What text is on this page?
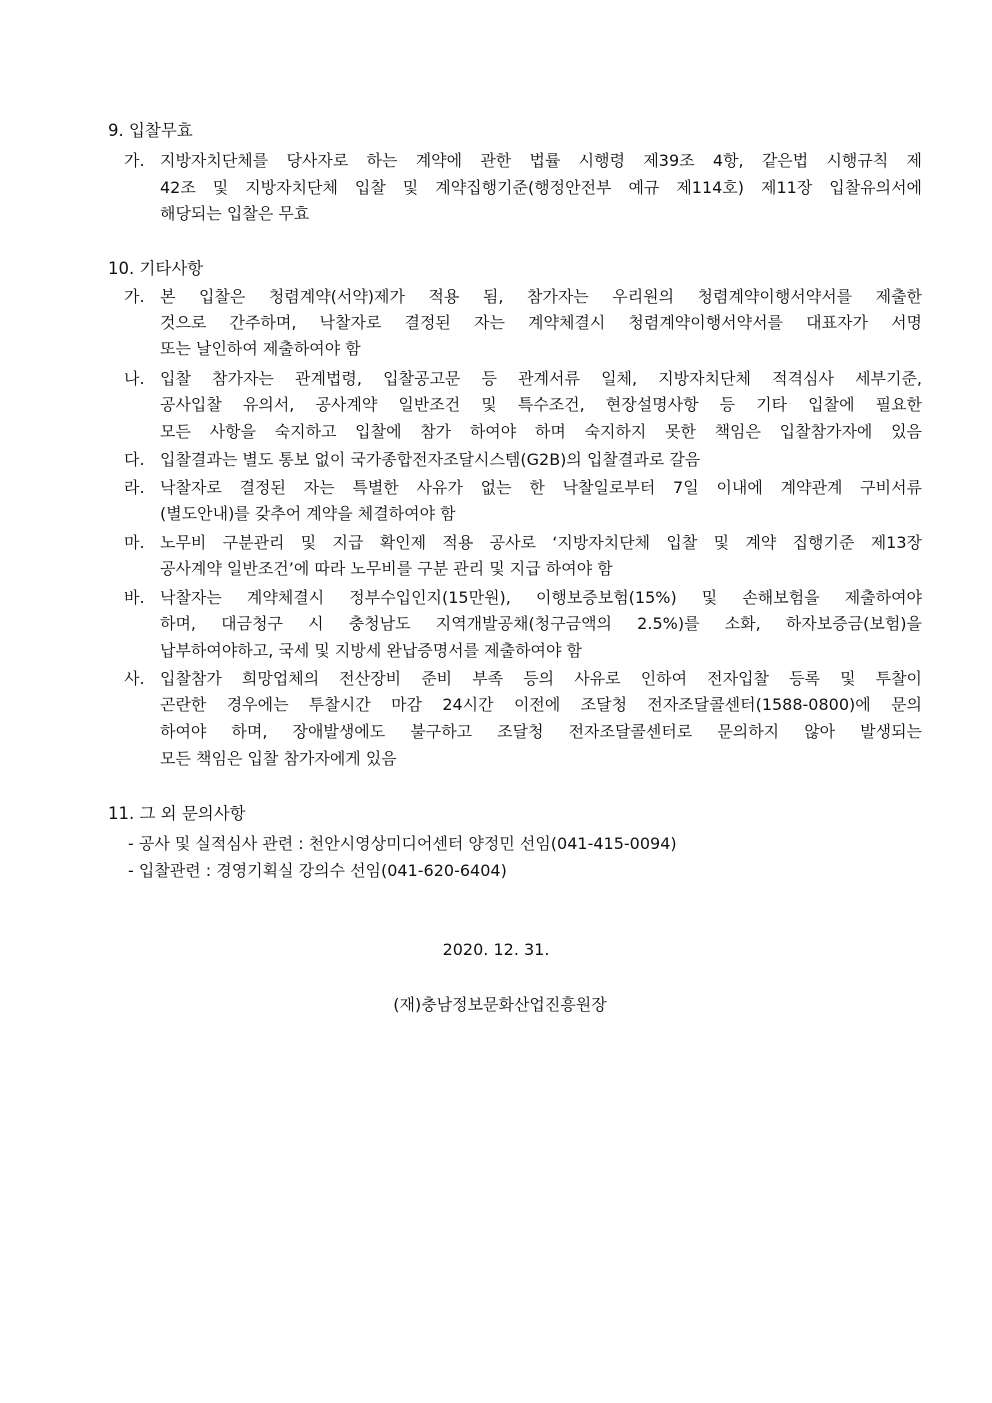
9. 입찰무효
가. 지방자치단체를 당사자로 하는 계약에 관한 법률 시행령 제39조 4항, 같은법 시행규칙 제
42조 및 지방자치단체 입찰 및 계약집행기준(행정안전부 예규 제114호) 제11장 입찰유의서에
해당되는 입찰은 무효
10. 기타사항
가. 본 입찰은 청렴계약(서약)제가 적용 됨, 참가자는 우리원의 청렴계약이행서약서를 제출한
것으로 간주하며, 낙찰자로 결정된 자는 계약체결시 청렴계약이행서약서를 대표자가 서명
또는 날인하여 제출하여야 함
나. 입찰 참가자는 관계법령, 입찰공고문 등 관계서류 일체, 지방자치단체 적격심사 세부기준,
공사입찰 유의서, 공사계약 일반조건 및 특수조건, 현장설명사항 등 기타 입찰에 필요한
모든 사항을 숙지하고 입찰에 참가 하여야 하며 숙지하지 못한 책임은 입찰참가자에 있음
다. 입찰결과는 별도 통보 없이 국가종합전자조달시스템(G2B)의 입찰결과로 갈음
라. 낙찰자로 결정된 자는 특별한 사유가 없는 한 낙찰일로부터 7일 이내에 계약관계 구비서류
(별도안내)를 갖추어 계약을 체결하여야 함
마. 노무비 구분관리 및 지급 확인제 적용 공사로 ‘지방자치단체 입찰 및 계약 집행기준 제13장
공사계약 일반조건’에 따라 노무비를 구분 관리 및 지급 하여야 함
바. 낙찰자는 계약체결시 정부수입인지(15만원), 이행보증보험(15%) 및 손해보험을 제출하여야
하며, 대금청구 시 충청남도 지역개발공채(청구금액의 2.5%)를 소화, 하자보증금(보험)을
납부하여야하고, 국세 및 지방세 완납증명서를 제출하여야 함
사. 입찰참가 희망업체의 전산장비 준비 부족 등의 사유로 인하여 전자입찰 등록 및 투찰이
곤란한 경우에는 투찰시간 마감 24시간 이전에 조달청 전자조달콜센터(1588-0800)에 문의
하여야 하며, 장애발생에도 불구하고 조달청 전자조달콜센터로 문의하지 않아 발생되는
모든 책임은 입찰 참가자에게 있음
11. 그 외 문의사항
- 공사 및 실적심사 관련 : 천안시영상미디어센터 양정민 선임(041-415-0094)
- 입찰관련 : 경영기획실 강의수 선임(041-620-6404)
2020. 12. 31.
(재)충남정보문화산업진흥원장
